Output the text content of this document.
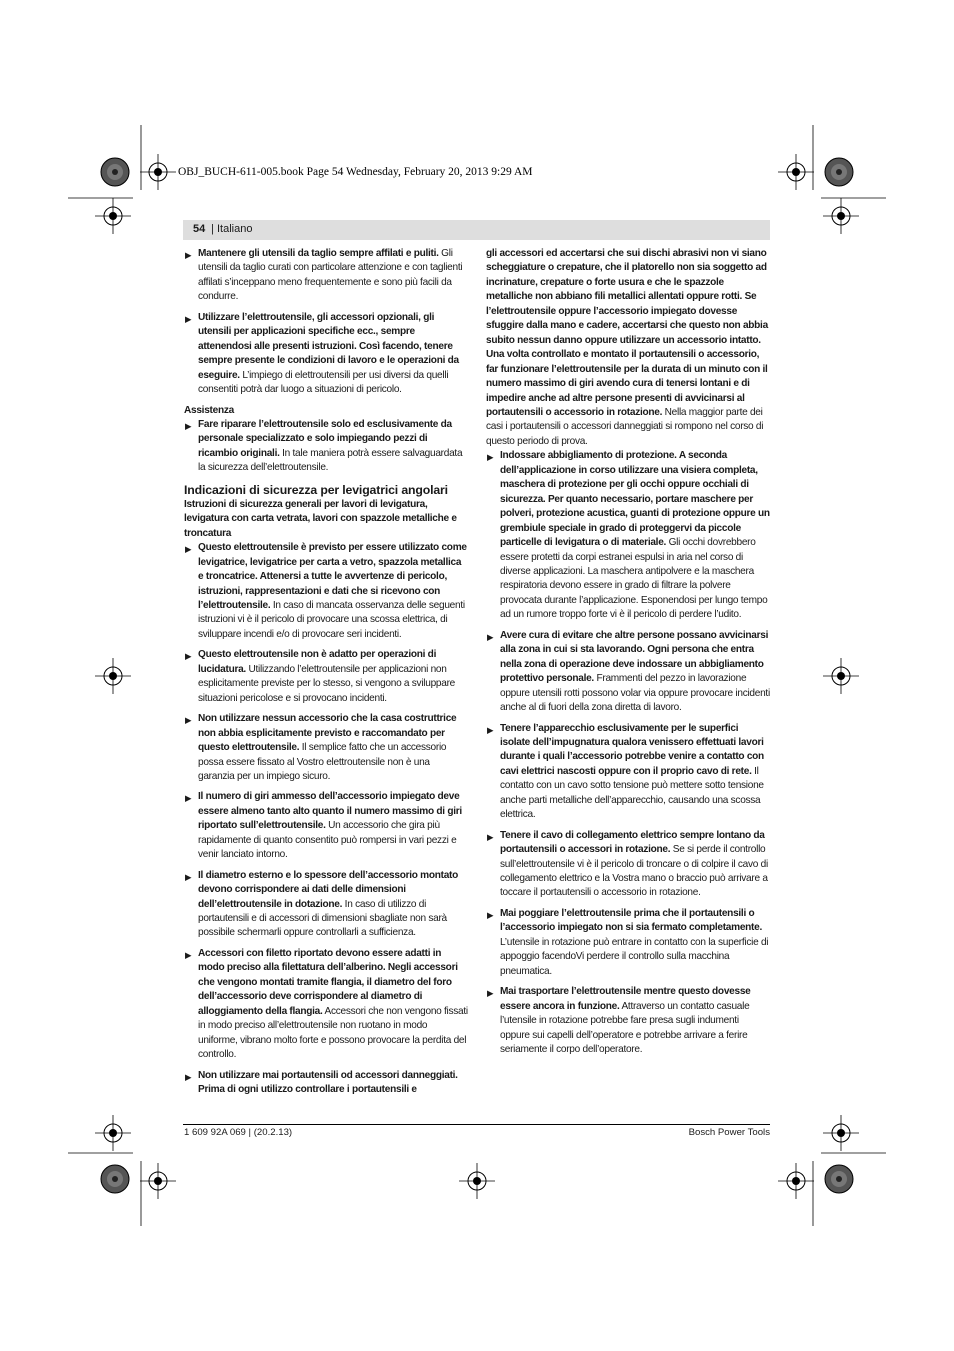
OBJ_BUCH-611-005.book Page 54 Wednesday, February 20, 2013 9:29 AM
54 | Italiano
▶ Mantenere gli utensili da taglio sempre affilati e puliti. Gli utensili da taglio curati con particolare attenzione e con taglienti affilati s’inceppano meno frequentemente e sono più facili da condurre.
▶ Utilizzare l’elettroutensile, gli accessori opzionali, gli utensili per applicazioni specifiche ecc., sempre attenendosi alle presenti istruzioni. Così facendo, tenere sempre presente le condizioni di lavoro e le operazioni da eseguire. L’impiego di elettroutensili per usi diversi da quelli consentiti potrà dar luogo a situazioni di pericolo.

Assistenza

▶ Fare riparare l’elettroutensile solo ed esclusivamente da personale specializzato e solo impiegando pezzi di ricambio originali. In tale maniera potrà essere salvaguardata la sicurezza dell’elettroutensile.

Indicazioni di sicurezza per levigatrici angolari

Istruzioni di sicurezza generali per lavori di levigatura, levigatura con carta vetrata, lavori con spazzole metalliche e troncatura

▶ Questo elettroutensile è previsto per essere utilizzato come levigatrice, levigatrice per carta a vetro, spazzola metallica e troncatrice. Attenersi a tutte le avvertenze di pericolo, istruzioni, rappresentazioni e dati che si ricevono con l’elettroutensile. In caso di mancata osservanza delle seguenti istruzioni vi è il pericolo di provocare una scossa elettrica, di sviluppare incendi e/o di provocare seri incidenti.
▶ Questo elettroutensile non è adatto per operazioni di lucidatura. Utilizzando l’elettroutensile per applicazioni non esplicitamente previste per lo stesso, si vengono a sviluppare situazioni pericolose e si provocano incidenti.
▶ Non utilizzare nessun accessorio che la casa costruttrice non abbia esplicitamente previsto e raccomandato per questo elettroutensile. Il semplice fatto che un accessorio possa essere fissato al Vostro elettroutensile non è una garanzia per un impiego sicuro.
▶ Il numero di giri ammesso dell’accessorio impiegato deve essere almeno tanto alto quanto il numero massimo di giri riportato sull’elettroutensile. Un accessorio che gira più rapidamente di quanto consentito può rompersi in vari pezzi e venir lanciato intorno.
▶ Il diametro esterno e lo spessore dell’accessorio montato devono corrispondere ai dati delle dimensioni dell’elettroutensile in dotazione. In caso di utilizzo di portautensili e di accessori di dimensioni sbagliate non sarà possibile schermarli oppure controllarli a sufficienza.
▶ Accessori con filetto riportato devono essere adatti in modo preciso alla filettatura dell’alberino. Negli accessori che vengono montati tramite flangia, il diametro del foro dell’accessorio deve corrispondere al diametro di alloggiamento della flangia. Accessori che non vengono fissati in modo preciso all’elettroutensile non ruotano in modo uniforme, vibrano molto forte e possono provocare la perdita del controllo.
▶ Non utilizzare mai portautensili od accessori danneggiati. Prima di ogni utilizzo controllare i portautensili e

gli accessori ed accertarsi che sui dischi abrasivi non vi siano scheggiature o crepature, che il platorello non sia soggetto ad incrinature, crepature o forte usura e che le spazzole metalliche non abbiano fili metallici allentati oppure rotti. Se l’elettroutensile oppure l’accessorio impiegato dovesse sfuggire dalla mano e cadere, accertarsi che questo non abbia subito nessun danno oppure utilizzare un accessorio intatto. Una volta controllato e montato il portautensili o accessorio, far funzionare l’elettroutensile per la durata di un minuto con il numero massimo di giri avendo cura di tenersi lontani e di impedire anche ad altre persone presenti di avvicinarsi al portautensili o accessorio in rotazione. Nella maggior parte dei casi i portautensili o accessori danneggiati si rompono nel corso di questo periodo di prova.

▶ Indossare abbigliamento di protezione. A seconda dell’applicazione in corso utilizzare una visiera completa, maschera di protezione per gli occhi oppure occhiali di sicurezza. Per quanto necessario, portare maschere per polveri, protezione acustica, guanti di protezione oppure un grembiule speciale in grado di proteggervi da piccole particelle di levigatura o di materiale. Gli occhi dovrebbero essere protetti da corpi estranei espulsi in aria nel corso di diverse applicazioni. La maschera antipolvere e la maschera respiratoria devono essere in grado di filtrare la polvere provocata durante l’applicazione. Esponendosi per lungo tempo ad un rumore troppo forte vi è il pericolo di perdere l’udito.
▶ Avere cura di evitare che altre persone possano avvicinarsi alla zona in cui si sta lavorando. Ogni persona che entra nella zona di operazione deve indossare un abbigliamento protettivo personale. Frammenti del pezzo in lavorazione oppure utensili rotti possono volar via oppure provocare incidenti anche al di fuori della zona diretta di lavoro.
▶ Tenere l’apparecchio esclusivamente per le superfici isolate dell’impugnatura qualora venissero effettuati lavori durante i quali l’accessorio potrebbe venire a contatto con cavi elettrici nascosti oppure con il proprio cavo di rete. Il contatto con un cavo sotto tensione può mettere sotto tensione anche parti metalliche dell’apparecchio, causando una scossa elettrica.
▶ Tenere il cavo di collegamento elettrico sempre lontano da portautensili o accessori in rotazione. Se si perde il controllo sull’elettroutensile vi è il pericolo di troncare o di colpire il cavo di collegamento elettrico e la Vostra mano o braccio può arrivare a toccare il portautensili o accessorio in rotazione.
▶ Mai poggiare l’elettroutensile prima che il portautensili o l’accessorio impiegato non si sia fermato completamente. L’utensile in rotazione può entrare in contatto con la superficie di appoggio facendoVi perdere il controllo sulla macchina pneumatica.
▶ Mai trasportare l’elettroutensile mentre questo dovesse essere ancora in funzione. Attraverso un contatto casuale l’utensile in rotazione potrebbe fare presa sugli indumenti oppure sui capelli dell’operatore e potrebbe arrivare a ferire seriamente il corpo dell’operatore.
1 609 92A 069 | (20.2.13)	Bosch Power Tools
